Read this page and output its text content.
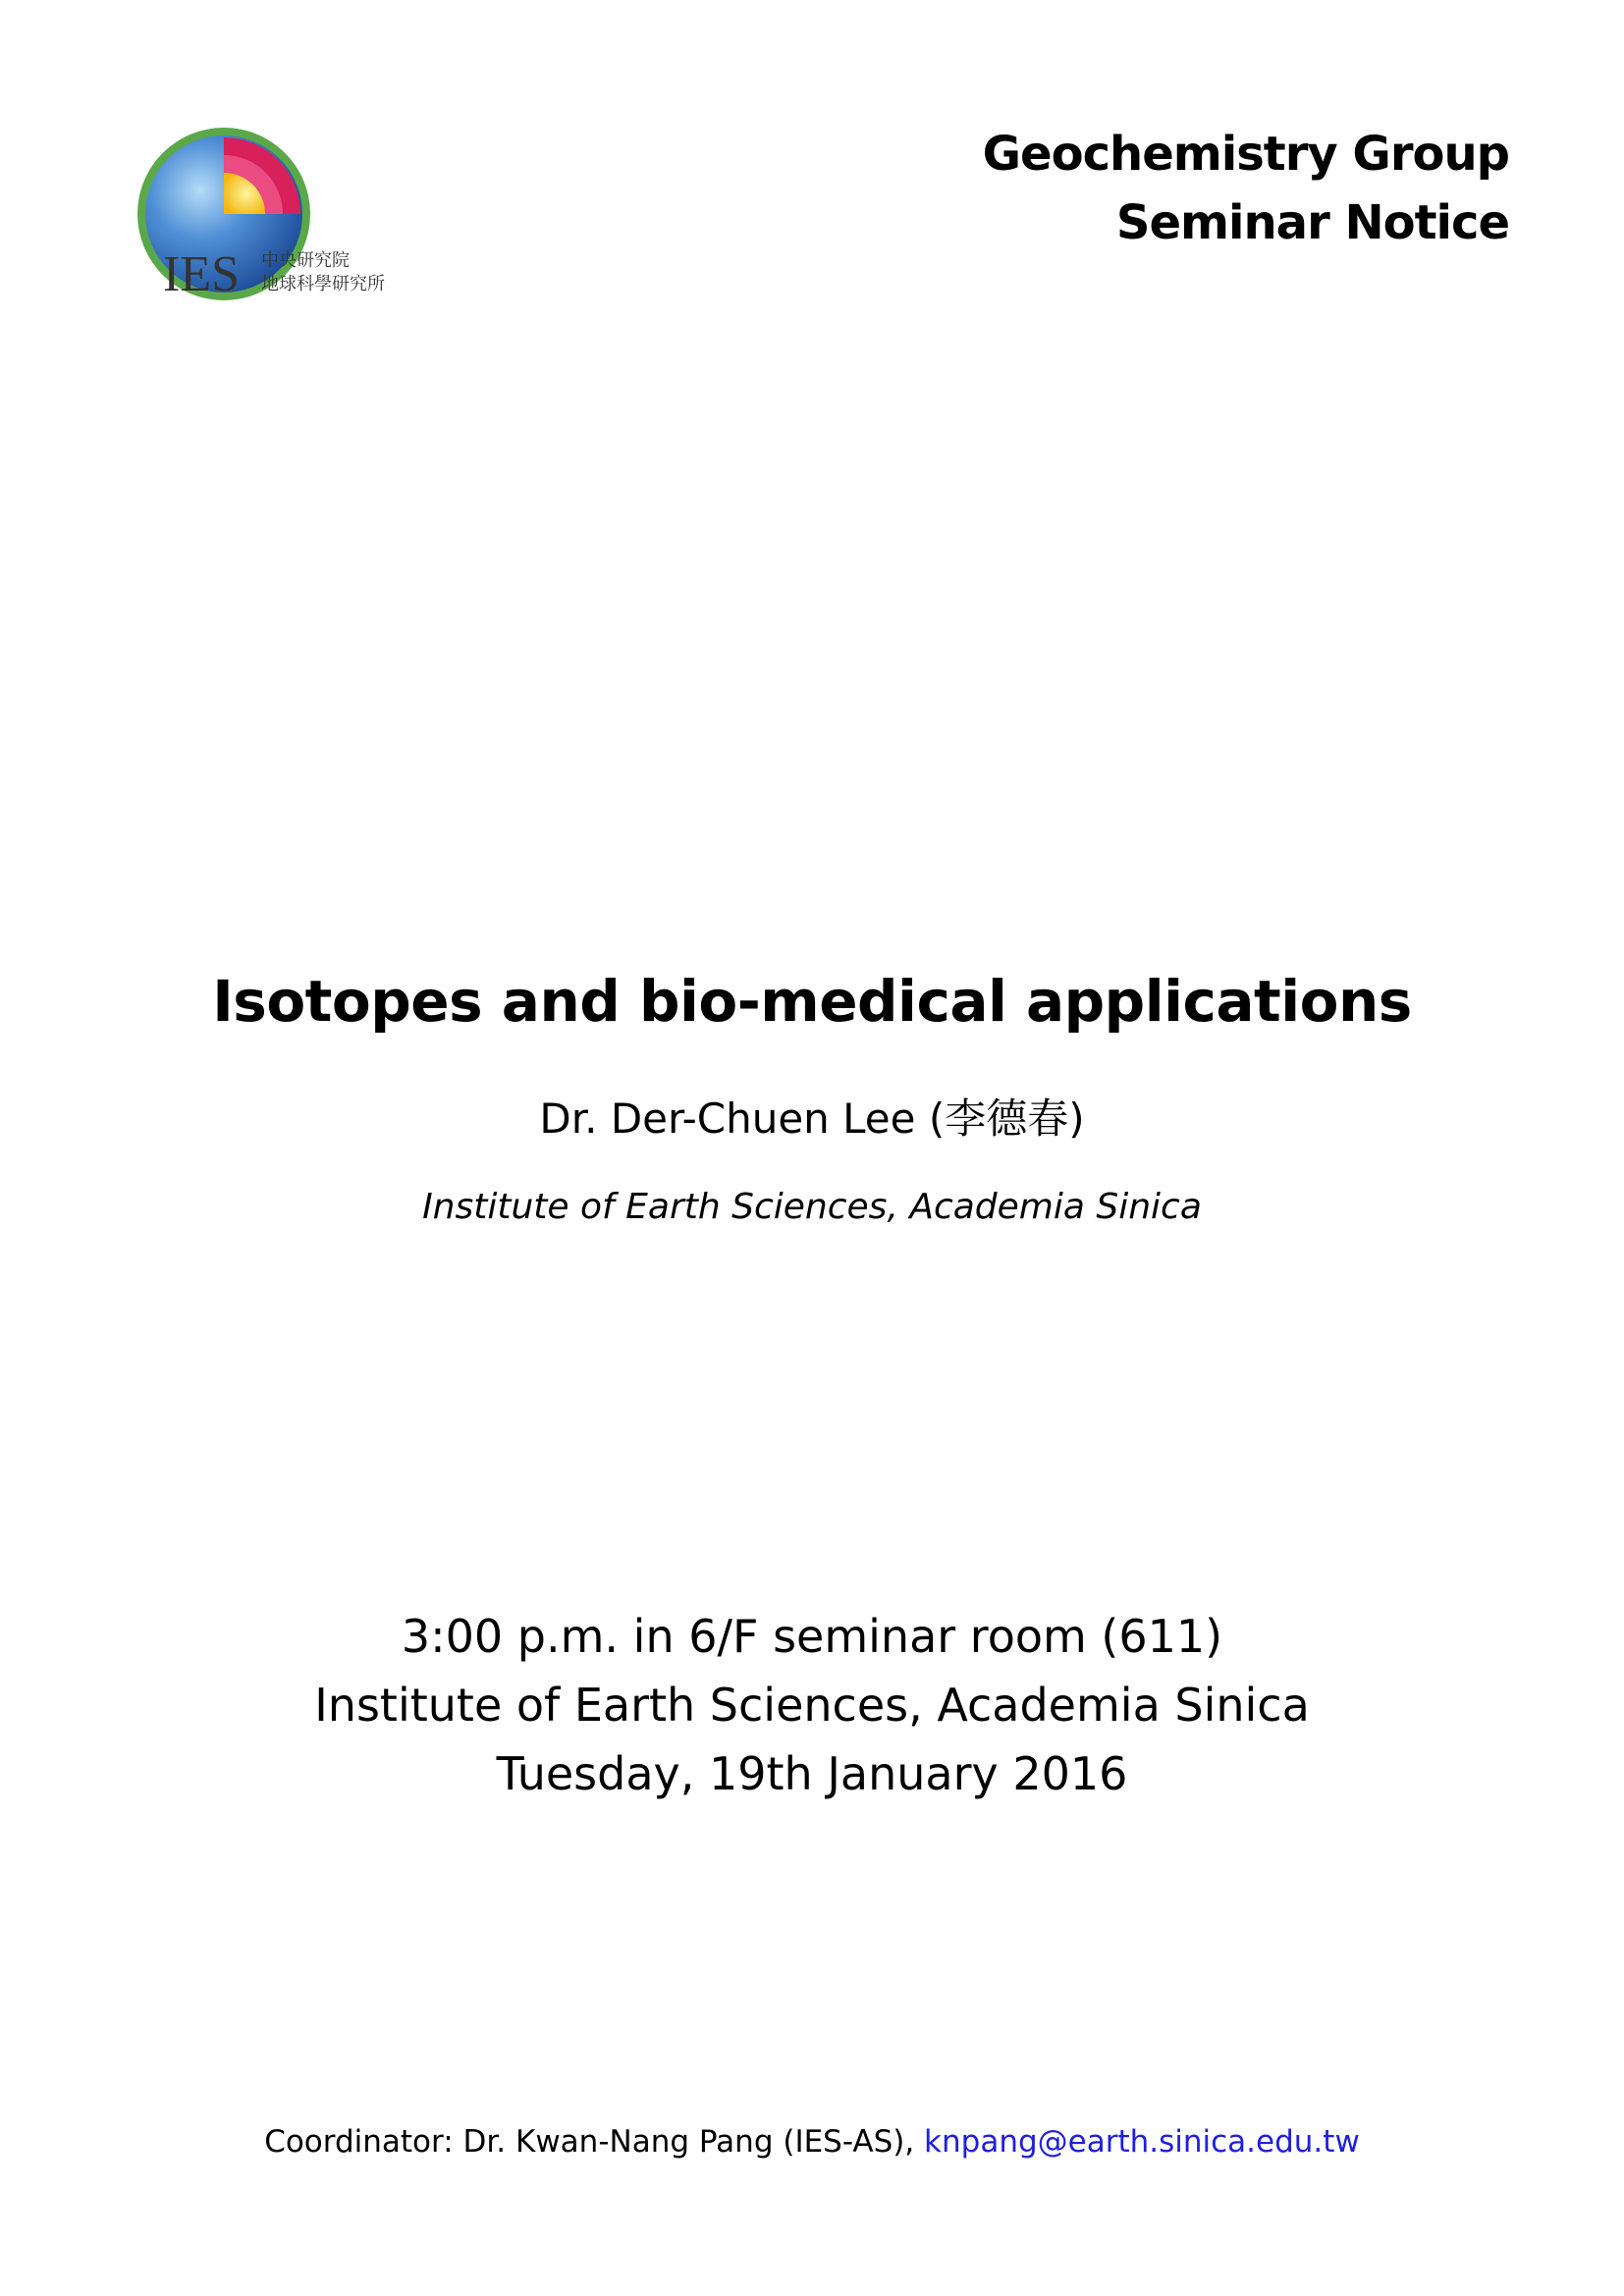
IES 中央研究院
地球科學研究所
Geochemistry Group
Seminar Notice
Isotopes and bio-medical applications
Dr. Der-Chuen Lee (李德春)
Institute of Earth Sciences, Academia Sinica
3:00 p.m. in 6/F seminar room (611)
Institute of Earth Sciences, Academia Sinica
Tuesday, 19th January 2016
Coordinator: Dr. Kwan-Nang Pang (IES-AS), knpang@earth.sinica.edu.tw
